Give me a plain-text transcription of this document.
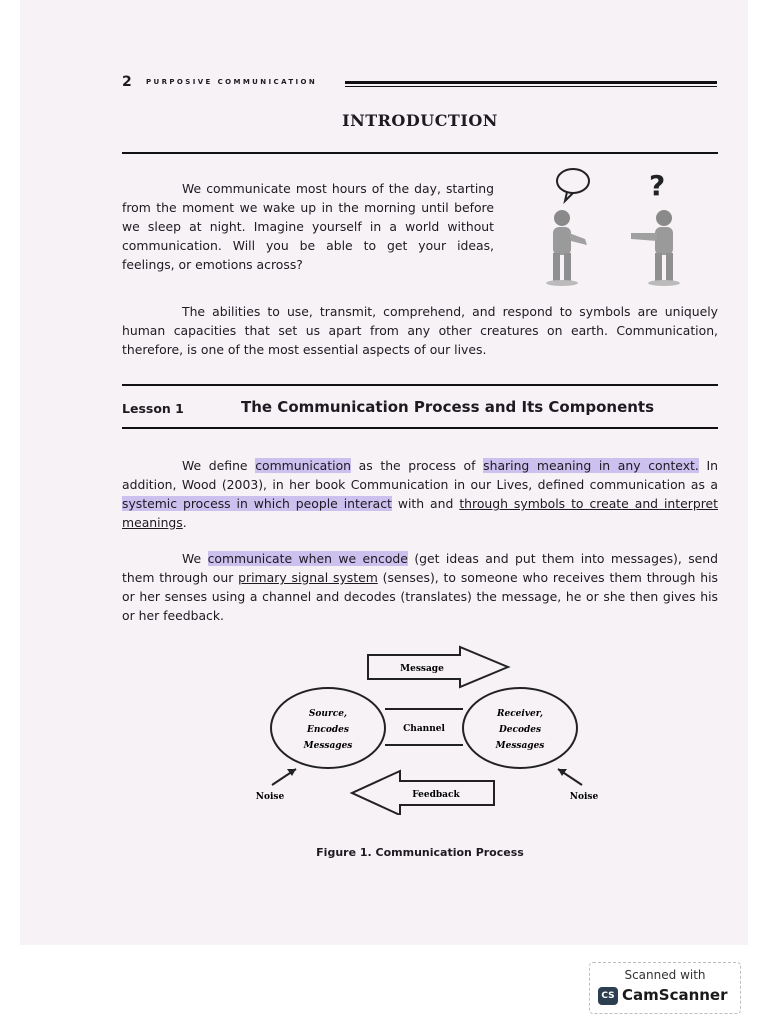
2 PURPOSIVE COMMUNICATION
INTRODUCTION
We communicate most hours of the day, starting from the moment we wake up in the morning until before we sleep at night. Imagine yourself in a world without communication. Will you be able to get your ideas, feelings, or emotions across?
?
The abilities to use, transmit, comprehend, and respond to symbols are uniquely human capacities that set us apart from any other creatures on earth. Communication, therefore, is one of the most essential aspects of our lives.
Lesson 1	The Communication Process and Its Components
We define communication as the process of sharing meaning in any context. In addition, Wood (2003), in her book Communication in our Lives, defined communication as a systemic process in which people interact with and through symbols to create and interpret meanings.
We communicate when we encode (get ideas and put them into messages), send them through our primary signal system (senses), to someone who receives them through his or her senses using a channel and decodes (translates) the message, he or she then gives his or her feedback.
Message
Source,
Encodes
Messages
Channel
Receiver,
Decodes
Messages
Feedback
Noise	Noise
Figure 1. Communication Process
Scanned with
CS CamScanner
